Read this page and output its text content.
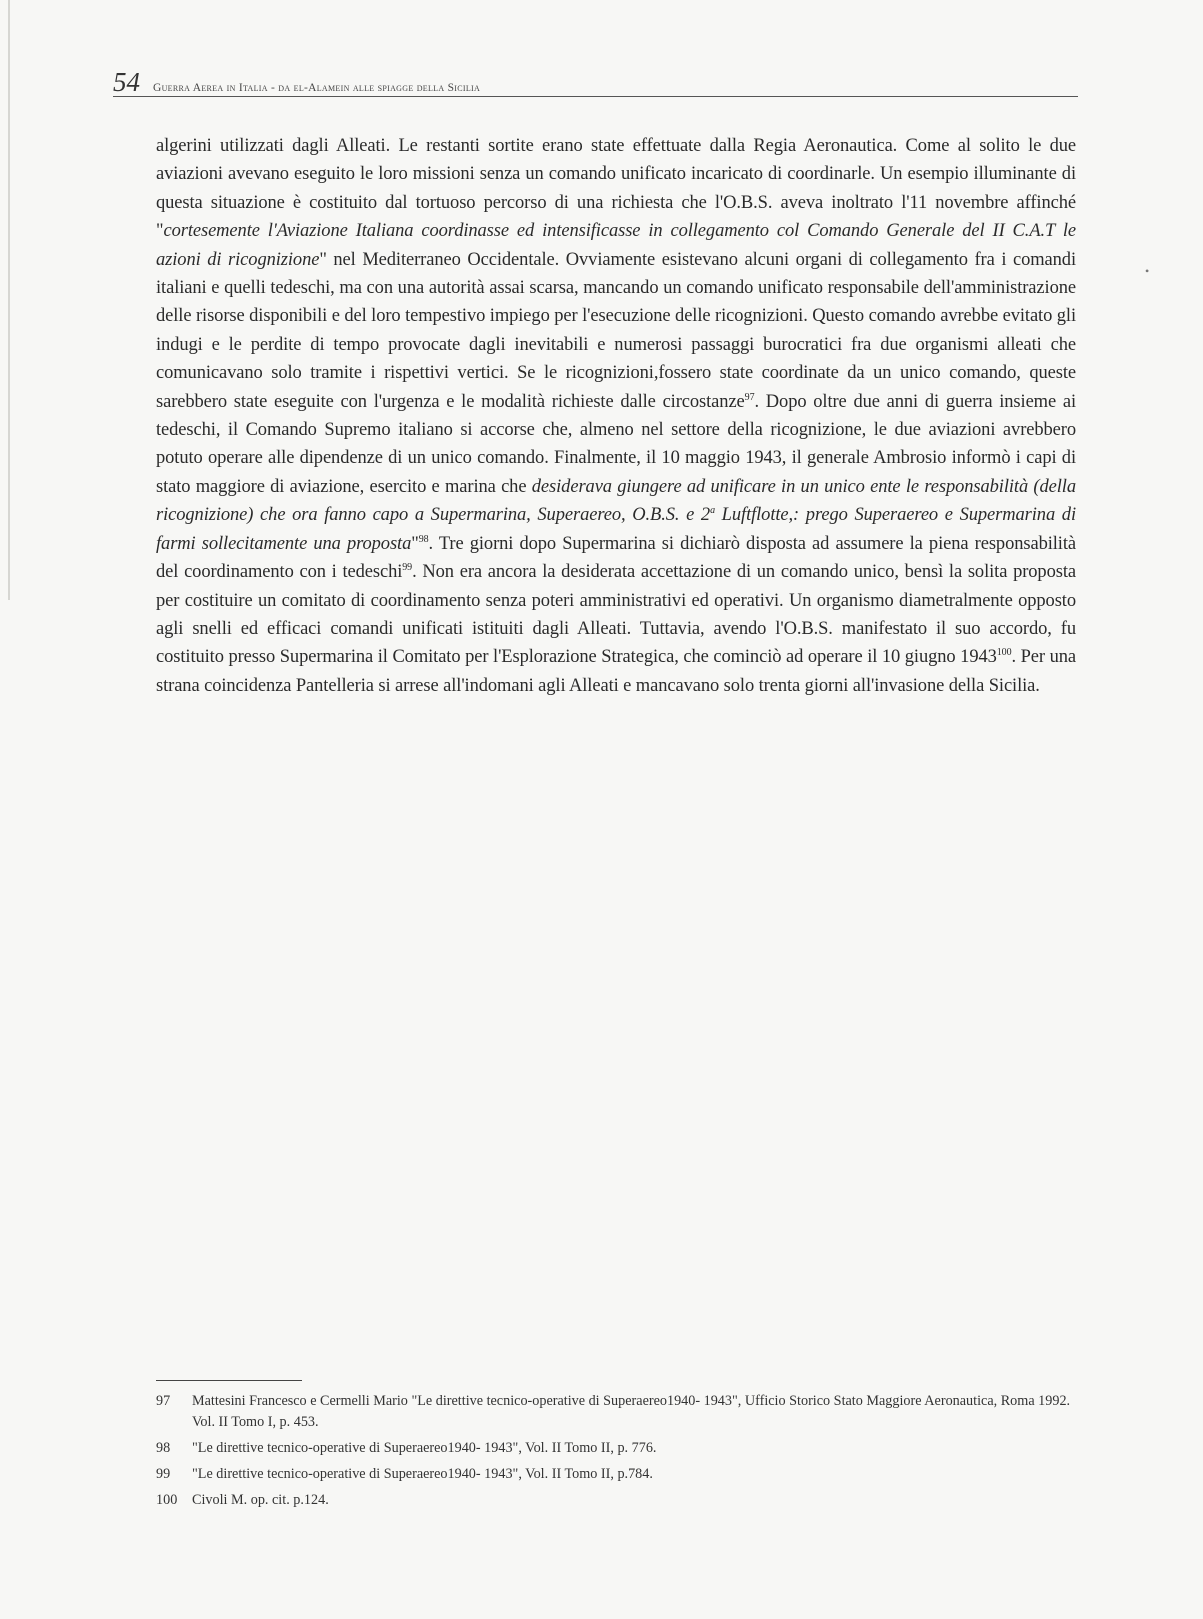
54 Guerra Aerea in Italia - da el-Alamein alle spiagge della Sicilia

algerini utilizzati dagli Alleati. Le restanti sortite erano state effettuate dalla Regia Aeronautica. Come al solito le due aviazioni avevano eseguito le loro missioni senza un comando unificato incaricato di coordinarle. Un esempio illuminante di questa situazione è costituito dal tortuoso percorso di una richiesta che l'O.B.S. aveva inoltrato l'11 novembre affinché "cortesemente l'Aviazione Italiana coordinasse ed intensificasse in collegamento col Comando Generale del II C.A.T le azioni di ricognizione" nel Mediterraneo Occidentale. Ovviamente esistevano alcuni organi di collegamento fra i comandi italiani e quelli tedeschi, ma con una autorità assai scarsa, mancando un comando unificato responsabile dell'amministrazione delle risorse disponibili e del loro tempestivo impiego per l'esecuzione delle ricognizioni. Questo comando avrebbe evitato gli indugi e le perdite di tempo provocate dagli inevitabili e numerosi passaggi burocratici fra due organismi alleati che comunicavano solo tramite i rispettivi vertici. Se le ricognizioni,fossero state coordinate da un unico comando, queste sarebbero state eseguite con l'urgenza e le modalità richieste dalle circostanze$^{97}$. Dopo oltre due anni di guerra insieme ai tedeschi, il Comando Supremo italiano si accorse che, almeno nel settore della ricognizione, le due aviazioni avrebbero potuto operare alle dipendenze di un unico comando. Finalmente, il 10 maggio 1943, il generale Ambrosio informò i capi di stato maggiore di aviazione, esercito e marina che desiderava giungere ad unificare in un unico ente le responsabilità (della ricognizione) che ora fanno capo a Supermarina, Superaereo, O.B.S. e 2$^a$ Luftflotte,: prego Superaereo e Supermarina di farmi sollecitamente una proposta"$^{98}$. Tre giorni dopo Supermarina si dichiarò disposta ad assumere la piena responsabilità del coordinamento con i tedeschi$^{99}$. Non era ancora la desiderata accettazione di un comando unico, bensì la solita proposta per costituire un comitato di coordinamento senza poteri amministrativi ed operativi. Un organismo diametralmente opposto agli snelli ed efficaci comandi unificati istituiti dagli Alleati. Tuttavia, avendo l'O.B.S. manifestato il suo accordo, fu costituito presso Supermarina il Comitato per l'Esplorazione Strategica, che cominciò ad operare il 10 giugno 1943$^{100}$. Per una strana coincidenza Pantelleria si arrese all'indomani agli Alleati e mancavano solo trenta giorni all'invasione della Sicilia.

•
97	Mattesini Francesco e Cermelli Mario "Le direttive tecnico-operative di Superaereo1940- 1943", Ufficio Storico Stato Maggiore Aeronautica, Roma 1992. Vol. II Tomo I, p. 453.
98	"Le direttive tecnico-operative di Superaereo1940- 1943", Vol. II Tomo II, p. 776.
99	"Le direttive tecnico-operative di Superaereo1940- 1943", Vol. II Tomo II, p.784.
100	Civoli M. op. cit. p.124.
